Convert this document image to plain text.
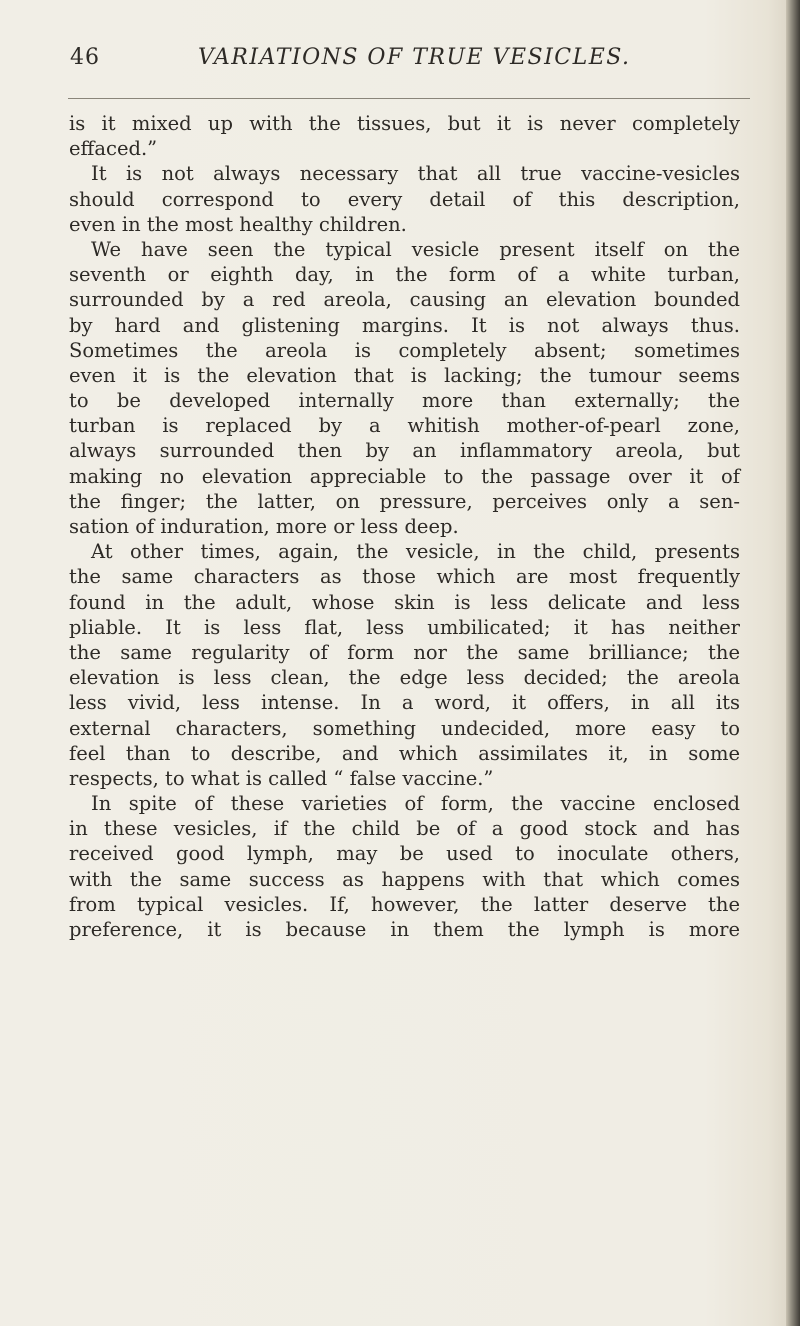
46	VARIATIONS OF TRUE VESICLES.
is it mixed up with the tissues, but it is never completely
effaced.”
It is not always necessary that all true vaccine-vesicles
should correspond to every detail of this description,
even in the most healthy children.
We have seen the typical vesicle present itself on the
seventh or eighth day, in the form of a white turban,
surrounded by a red areola, causing an elevation bounded
by hard and glistening margins. It is not always thus.
Sometimes the areola is completely absent; sometimes
even it is the elevation that is lacking; the tumour seems
to be developed internally more than externally; the
turban is replaced by a whitish mother-of-pearl zone,
always surrounded then by an inflammatory areola, but
making no elevation appreciable to the passage over it of
the finger; the latter, on pressure, perceives only a sen-
sation of induration, more or less deep.
At other times, again, the vesicle, in the child, presents
the same characters as those which are most frequently
found in the adult, whose skin is less delicate and less
pliable. It is less flat, less umbilicated; it has neither
the same regularity of form nor the same brilliance; the
elevation is less clean, the edge less decided; the areola
less vivid, less intense. In a word, it offers, in all its
external characters, something undecided, more easy to
feel than to describe, and which assimilates it, in some
respects, to what is called “ false vaccine.”
In spite of these varieties of form, the vaccine enclosed
in these vesicles, if the child be of a good stock and has
received good lymph, may be used to inoculate others,
with the same success as happens with that which comes
from typical vesicles. If, however, the latter deserve the
preference, it is because in them the lymph is more
